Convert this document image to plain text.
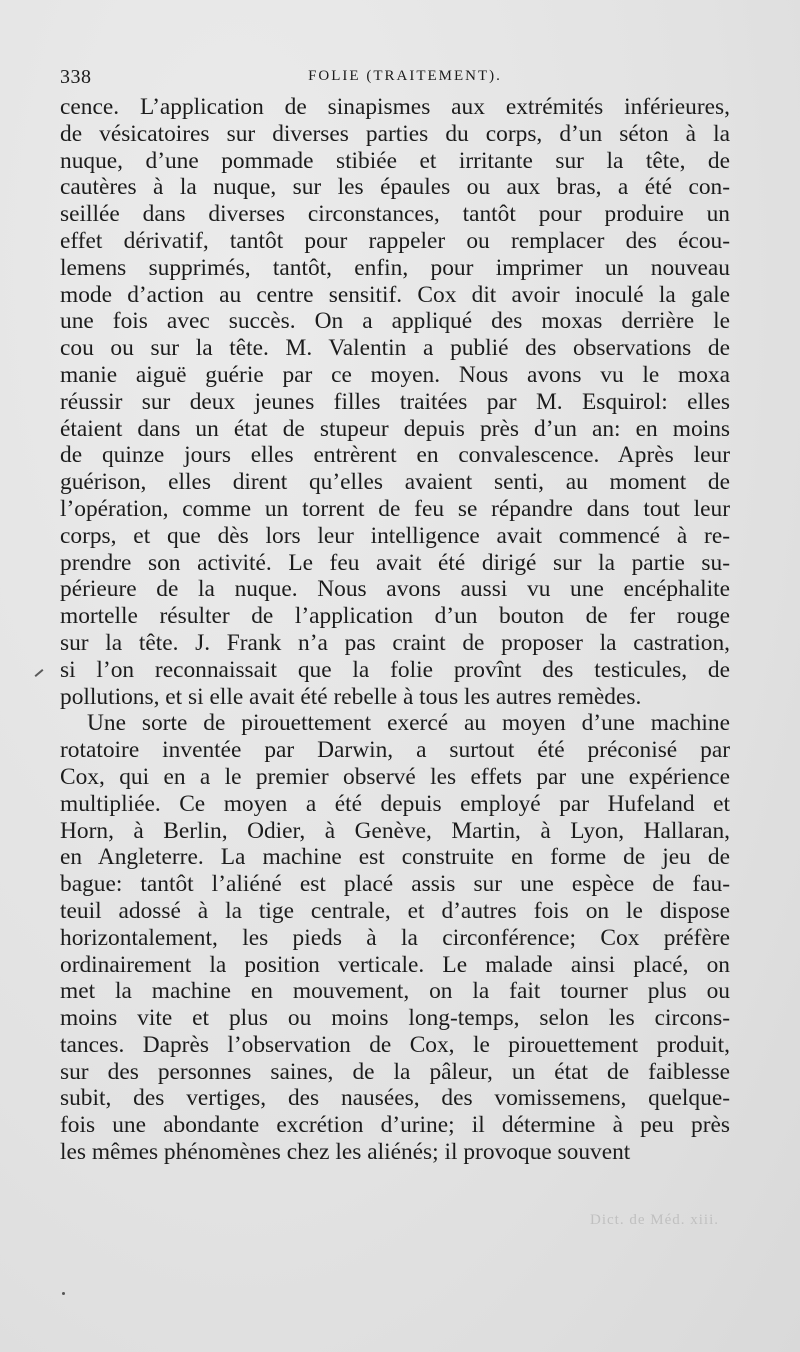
338	FOLIE (TRAITEMENT).
cence. L’application de sinapismes aux extrémités inférieures,
de vésicatoires sur diverses parties du corps, d’un séton à la
nuque, d’une pommade stibiée et irritante sur la tête, de
cautères à la nuque, sur les épaules ou aux bras, a été con-
seillée dans diverses circonstances, tantôt pour produire un
effet dérivatif, tantôt pour rappeler ou remplacer des écou-
lemens supprimés, tantôt, enfin, pour imprimer un nouveau
mode d’action au centre sensitif. Cox dit avoir inoculé la gale
une fois avec succès. On a appliqué des moxas derrière le
cou ou sur la tête. M. Valentin a publié des observations de
manie aiguë guérie par ce moyen. Nous avons vu le moxa
réussir sur deux jeunes filles traitées par M. Esquirol: elles
étaient dans un état de stupeur depuis près d’un an: en moins
de quinze jours elles entrèrent en convalescence. Après leur
guérison, elles dirent qu’elles avaient senti, au moment de
l’opération, comme un torrent de feu se répandre dans tout leur
corps, et que dès lors leur intelligence avait commencé à re-
prendre son activité. Le feu avait été dirigé sur la partie su-
périeure de la nuque. Nous avons aussi vu une encéphalite
mortelle résulter de l’application d’un bouton de fer rouge
sur la tête. J. Frank n’a pas craint de proposer la castration,
si l’on reconnaissait que la folie provînt des testicules, de
pollutions, et si elle avait été rebelle à tous les autres remèdes.
Une sorte de pirouettement exercé au moyen d’une machine
rotatoire inventée par Darwin, a surtout été préconisé par
Cox, qui en a le premier observé les effets par une expérience
multipliée. Ce moyen a été depuis employé par Hufeland et
Horn, à Berlin, Odier, à Genève, Martin, à Lyon, Hallaran,
en Angleterre. La machine est construite en forme de jeu de
bague: tantôt l’aliéné est placé assis sur une espèce de fau-
teuil adossé à la tige centrale, et d’autres fois on le dispose
horizontalement, les pieds à la circonférence; Cox préfère
ordinairement la position verticale. Le malade ainsi placé, on
met la machine en mouvement, on la fait tourner plus ou
moins vite et plus ou moins long-temps, selon les circons-
tances. Daprès l’observation de Cox, le pirouettement produit,
sur des personnes saines, de la pâleur, un état de faiblesse
subit, des vertiges, des nausées, des vomissemens, quelque-
fois une abondante excrétion d’urine; il détermine à peu près
les mêmes phénomènes chez les aliénés; il provoque souvent
Dict. de Méd. xiii.
